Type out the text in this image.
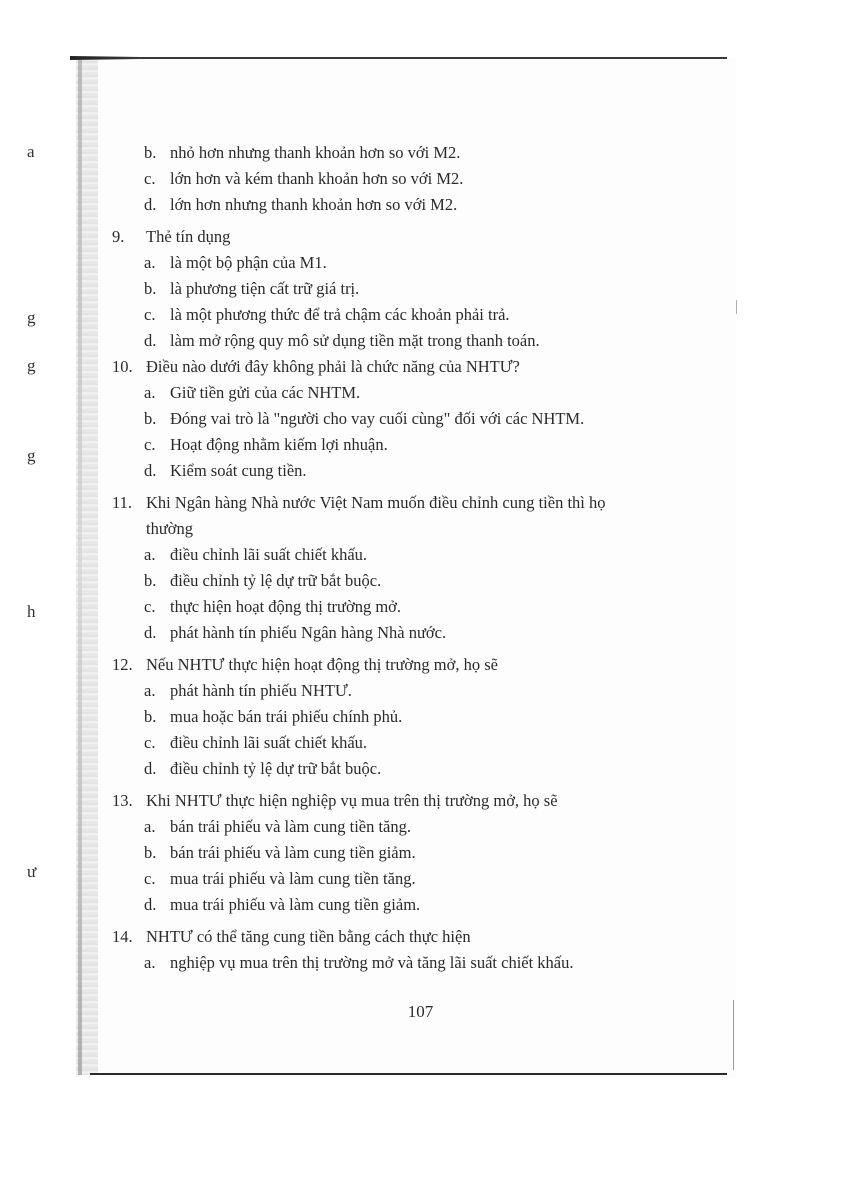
a
g
g
g
h
ư
b. nhỏ hơn nhưng thanh khoản hơn so với M2.
c. lớn hơn và kém thanh khoản hơn so với M2.
d. lớn hơn nhưng thanh khoản hơn so với M2.
9. Thẻ tín dụng
a. là một bộ phận của M1.
b. là phương tiện cất trữ giá trị.
c. là một phương thức để trả chậm các khoản phải trả.
d. làm mở rộng quy mô sử dụng tiền mặt trong thanh toán.
10. Điều nào dưới đây không phải là chức năng của NHTƯ?
a. Giữ tiền gửi của các NHTM.
b. Đóng vai trò là "người cho vay cuối cùng" đối với các NHTM.
c. Hoạt động nhằm kiếm lợi nhuận.
d. Kiểm soát cung tiền.
11. Khi Ngân hàng Nhà nước Việt Nam muốn điều chỉnh cung tiền thì họ
thường
a. điều chỉnh lãi suất chiết khấu.
b. điều chỉnh tỷ lệ dự trữ bắt buộc.
c. thực hiện hoạt động thị trường mở.
d. phát hành tín phiếu Ngân hàng Nhà nước.
12. Nếu NHTƯ thực hiện hoạt động thị trường mở, họ sẽ
a. phát hành tín phiếu NHTƯ.
b. mua hoặc bán trái phiếu chính phủ.
c. điều chỉnh lãi suất chiết khấu.
d. điều chỉnh tỷ lệ dự trữ bắt buộc.
13. Khi NHTƯ thực hiện nghiệp vụ mua trên thị trường mở, họ sẽ
a. bán trái phiếu và làm cung tiền tăng.
b. bán trái phiếu và làm cung tiền giảm.
c. mua trái phiếu và làm cung tiền tăng.
d. mua trái phiếu và làm cung tiền giảm.
14. NHTƯ có thể tăng cung tiền bằng cách thực hiện
a. nghiệp vụ mua trên thị trường mở và tăng lãi suất chiết khấu.
107
